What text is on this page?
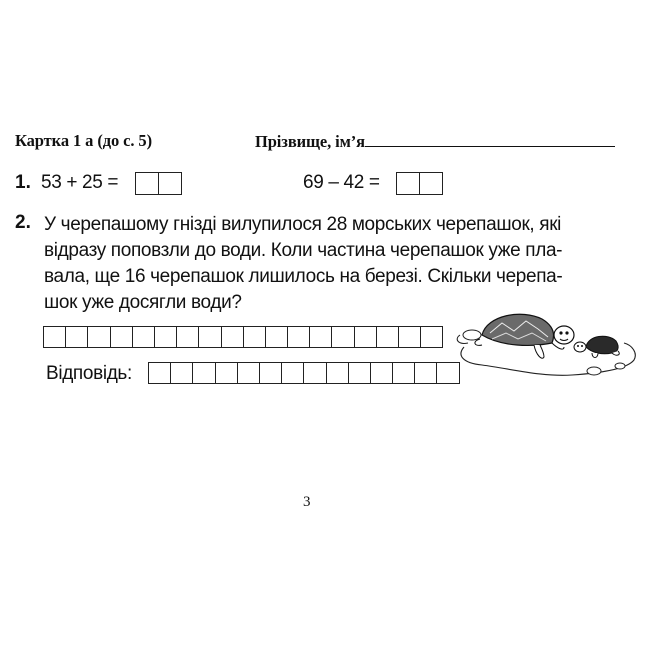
Картка 1 а (до с. 5)	Прізвище, ім’я
1. 53 + 25 =	69 – 42 =
2. У черепашому гнізді вилупилося 28 морських черепашок, які
відразу поповзли до води. Коли частина черепашок уже пла-
вала, ще 16 черепашок лишилось на березі. Скільки черепа-
шок уже досягли води?
Відповідь:
3
